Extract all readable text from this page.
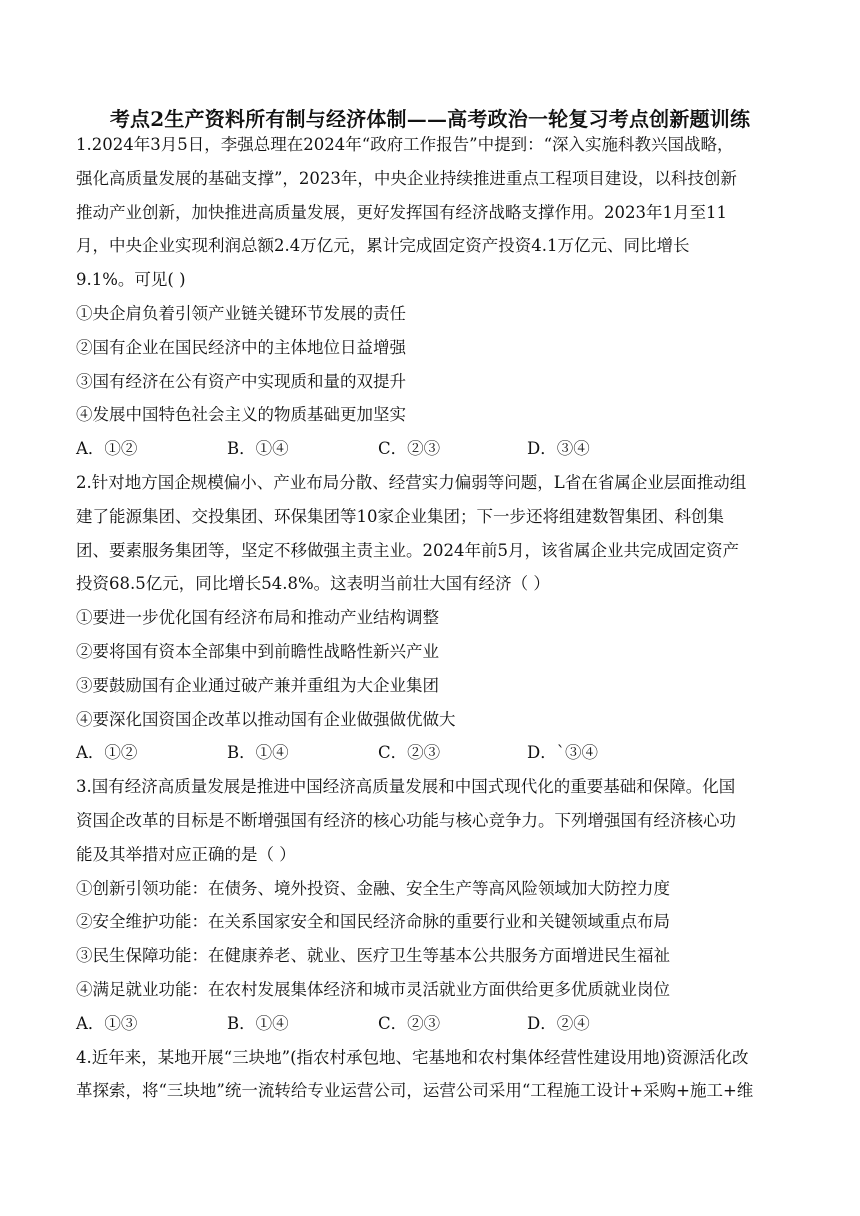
考点2生产资料所有制与经济体制——高考政治一轮复习考点创新题训练
1.2024年3月5日，李强总理在2024年“政府工作报告”中提到：“深入实施科教兴国战略，
强化高质量发展的基础支撑”，2023年，中央企业持续推进重点工程项目建设，以科技创新
推动产业创新，加快推进高质量发展，更好发挥国有经济战略支撑作用。2023年1月至11
月，中央企业实现利润总额2.4万亿元，累计完成固定资产投资4.1万亿元、同比增长
9.1%。可见( )
①央企肩负着引领产业链关键环节发展的责任
②国有企业在国民经济中的主体地位日益增强
③国有经济在公有资产中实现质和量的双提升
④发展中国特色社会主义的物质基础更加坚实
A．①②	B．①④	C．②③	D．③④
2.针对地方国企规模偏小、产业布局分散、经营实力偏弱等问题，L省在省属企业层面推动组
建了能源集团、交投集团、环保集团等10家企业集团；下一步还将组建数智集团、科创集
团、要素服务集团等，坚定不移做强主责主业。2024年前5月，该省属企业共完成固定资产
投资68.5亿元，同比增长54.8%。这表明当前壮大国有经济（ ）
①要进一步优化国有经济布局和推动产业结构调整
②要将国有资本全部集中到前瞻性战略性新兴产业
③要鼓励国有企业通过破产兼并重组为大企业集团
④要深化国资国企改革以推动国有企业做强做优做大
A．①②	B．①④	C．②③	D．`③④
3.国有经济高质量发展是推进中国经济高质量发展和中国式现代化的重要基础和保障。化国
资国企改革的目标是不断增强国有经济的核心功能与核心竞争力。下列增强国有经济核心功
能及其举措对应正确的是（ ）
①创新引领功能：在债务、境外投资、金融、安全生产等高风险领域加大防控力度
②安全维护功能：在关系国家安全和国民经济命脉的重要行业和关键领域重点布局
③民生保障功能：在健康养老、就业、医疗卫生等基本公共服务方面增进民生福祉
④满足就业功能：在农村发展集体经济和城市灵活就业方面供给更多优质就业岗位
A．①③	B．①④	C．②③	D．②④
4.近年来，某地开展“三块地”(指农村承包地、宅基地和农村集体经营性建设用地)资源活化改
革探索，将“三块地”统一流转给专业运营公司，运营公司采用“工程施工设计+采购+施工+维
